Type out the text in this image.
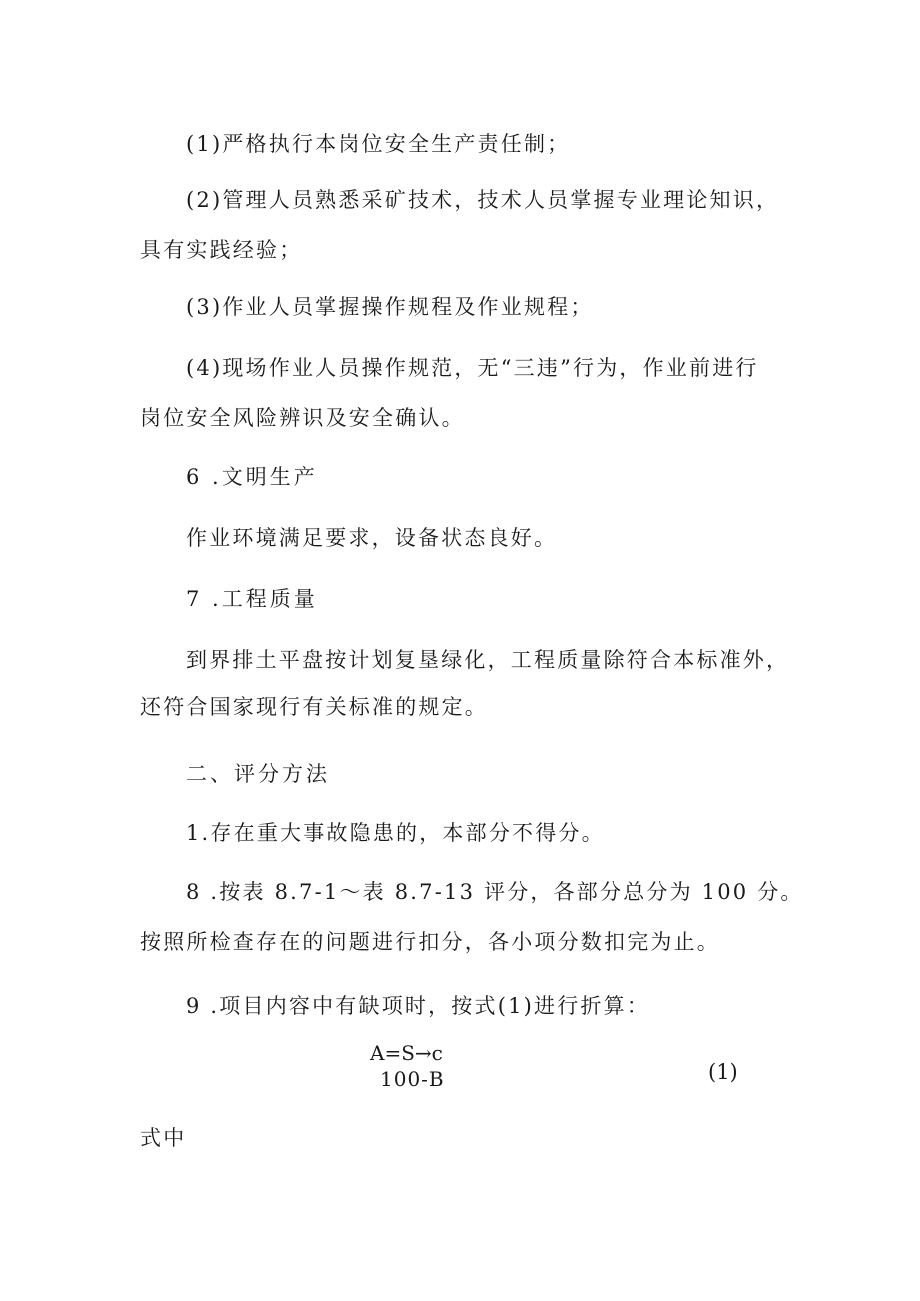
(1)严格执行本岗位安全生产责任制；
(2)管理人员熟悉采矿技术，技术人员掌握专业理论知识，
具有实践经验；
(3)作业人员掌握操作规程及作业规程；
(4)现场作业人员操作规范，无“三违”行为，作业前进行
岗位安全风险辨识及安全确认。
6 .文明生产
作业环境满足要求，设备状态良好。
7 .工程质量
到界排土平盘按计划复垦绿化，工程质量除符合本标准外，
还符合国家现行有关标准的规定。
二、评分方法
1.存在重大事故隐患的，本部分不得分。
8 .按表 8.7-1～表 8.7-13 评分，各部分总分为 100 分。
按照所检查存在的问题进行扣分，各小项分数扣完为止。
9 .项目内容中有缺项时，按式(1)进行折算：
A=S→c
100-B	(1)
式中
